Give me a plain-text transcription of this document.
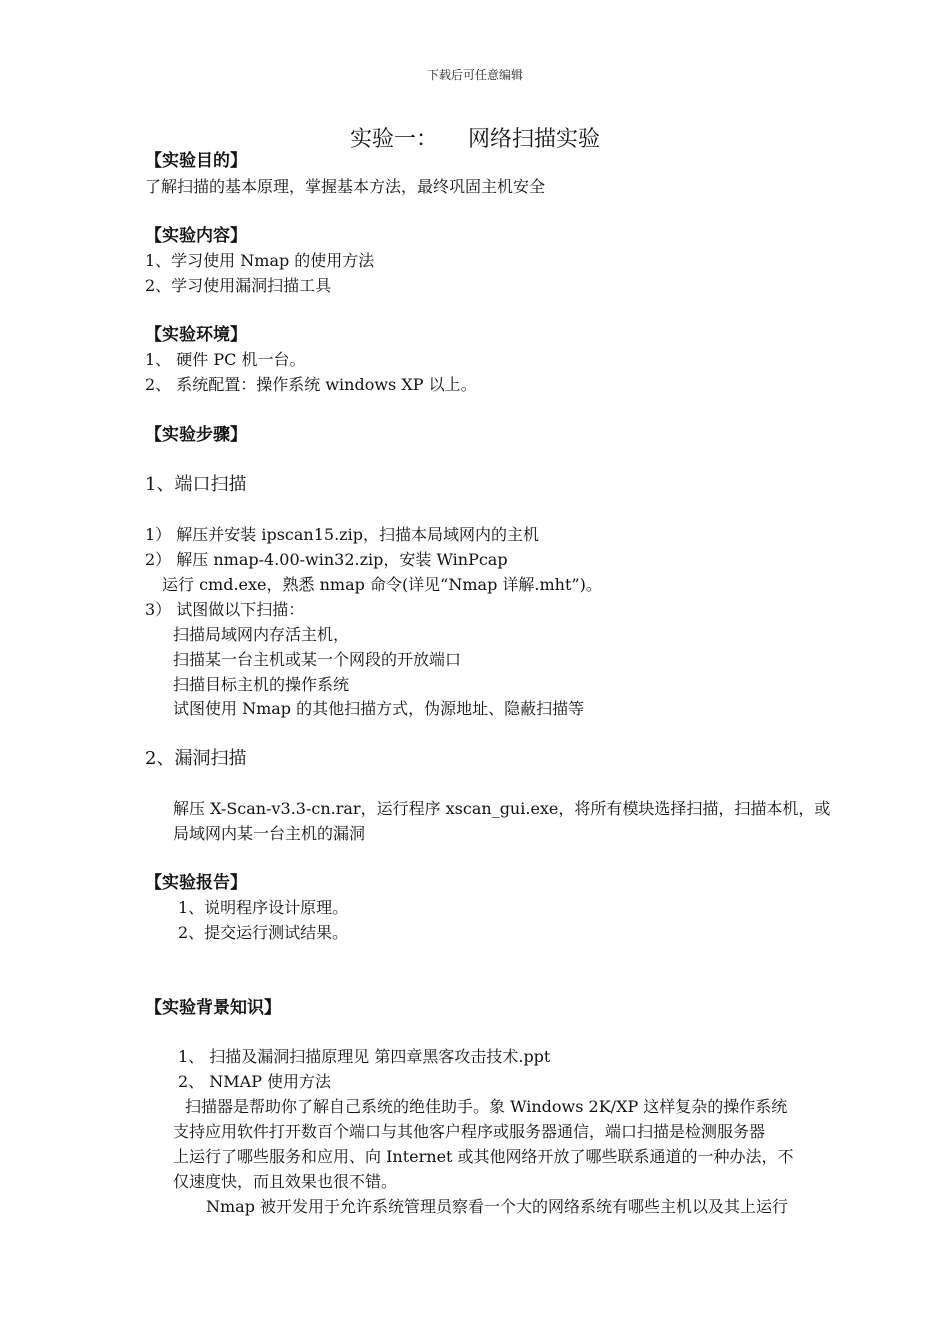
下载后可任意编辑
实验一： 网络扫描实验
【实验目的】
了解扫描的基本原理，掌握基本方法，最终巩固主机安全
【实验内容】
1、学习使用 Nmap 的使用方法
2、学习使用漏洞扫描工具
【实验环境】
1、 硬件 PC 机一台。
2、 系统配置：操作系统 windows XP 以上。
【实验步骤】
1、端口扫描
1） 解压并安装 ipscan15.zip，扫描本局域网内的主机
2） 解压 nmap-4.00-win32.zip，安装 WinPcap
运行 cmd.exe，熟悉 nmap 命令(详见“Nmap 详解.mht”)。
3） 试图做以下扫描：
扫描局域网内存活主机，
扫描某一台主机或某一个网段的开放端口
扫描目标主机的操作系统
试图使用 Nmap 的其他扫描方式，伪源地址、隐蔽扫描等
2、漏洞扫描
解压 X-Scan-v3.3-cn.rar，运行程序 xscan_gui.exe，将所有模块选择扫描，扫描本机，或
局域网内某一台主机的漏洞
【实验报告】
1、说明程序设计原理。
2、提交运行测试结果。
【实验背景知识】
1、 扫描及漏洞扫描原理见 第四章黑客攻击技术.ppt
2、 NMAP 使用方法
扫描器是帮助你了解自己系统的绝佳助手。象 Windows 2K/XP 这样复杂的操作系统
支持应用软件打开数百个端口与其他客户程序或服务器通信，端口扫描是检测服务器
上运行了哪些服务和应用、向 Internet 或其他网络开放了哪些联系通道的一种办法，不
仅速度快，而且效果也很不错。
Nmap 被开发用于允许系统管理员察看一个大的网络系统有哪些主机以及其上运行
